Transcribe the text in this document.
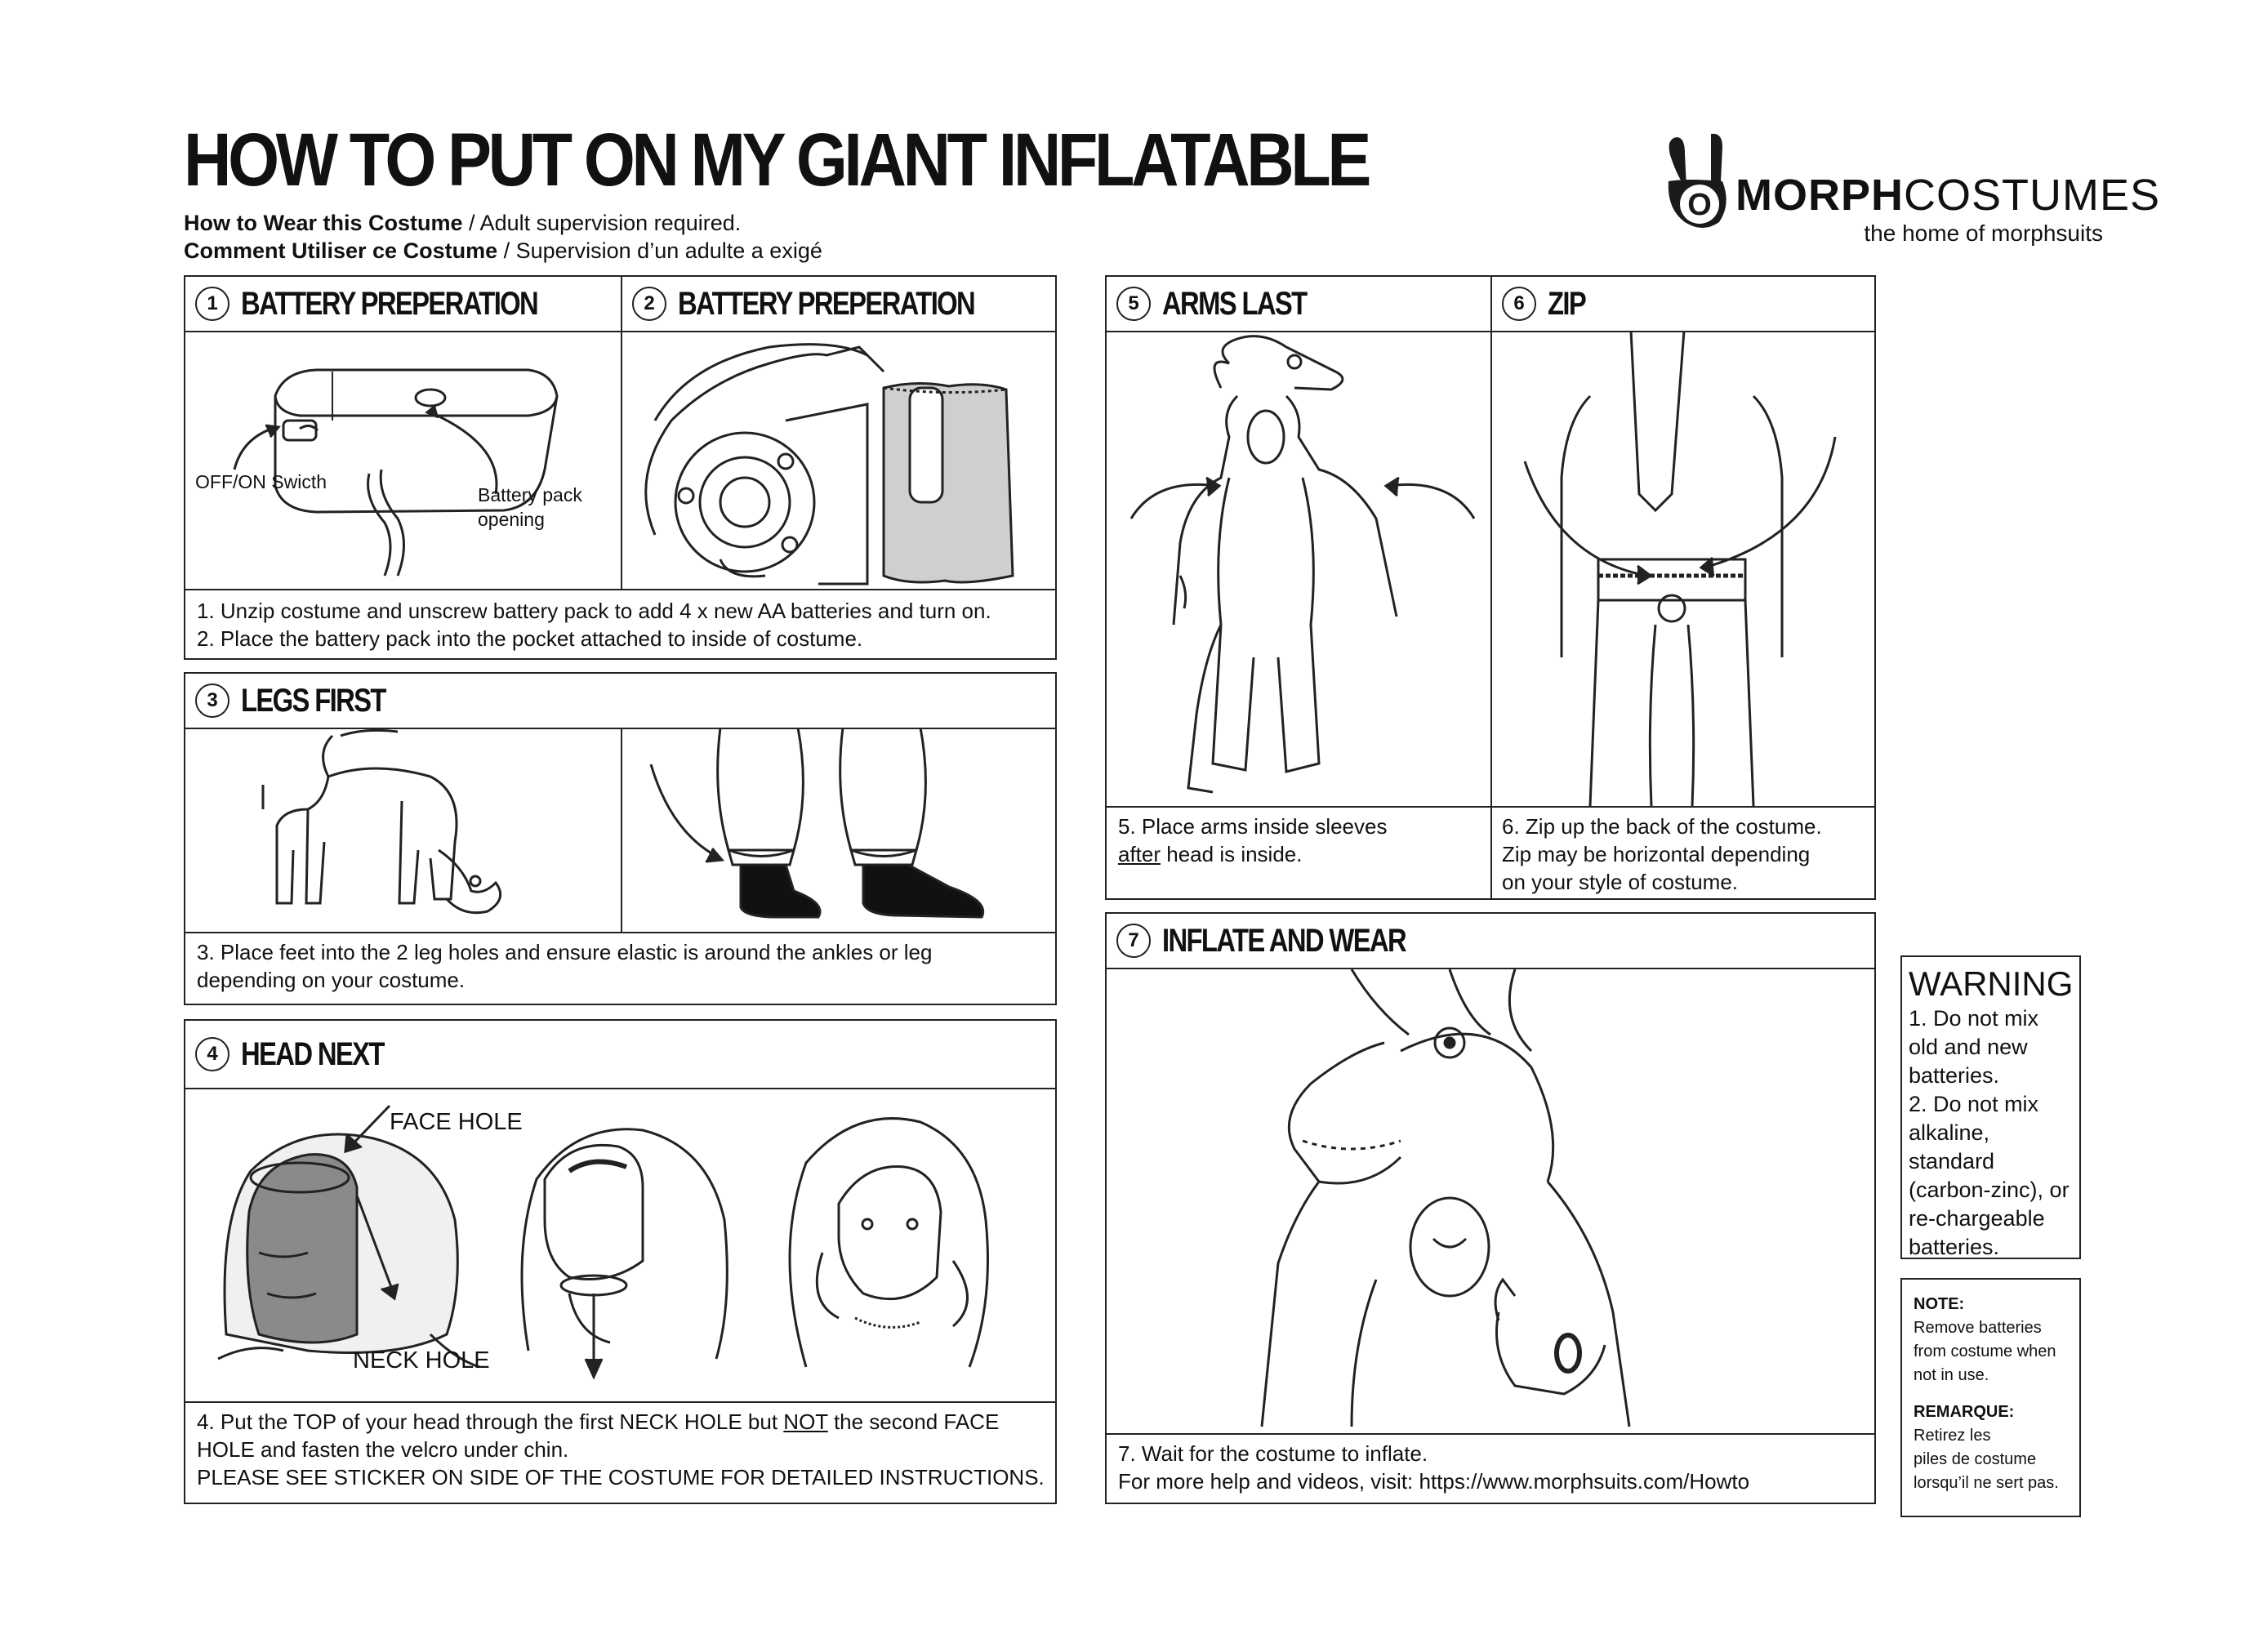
HOW TO PUT ON MY GIANT INFLATABLE
How to Wear this Costume / Adult supervision required.
Comment Utiliser ce Costume / Supervision d’un adulte a exigé
O MORPHCOSTUMES
the home of morphsuits
1 BATTERY PREPERATION	2 BATTERY PREPERATION
OFF/ON Swicth
Battery pack
opening

1. Unzip costume and unscrew battery pack to add 4 x new AA batteries and turn on.

2. Place the battery pack into the pocket attached to inside of costume.

3 LEGS FIRST

3. Place feet into the 2 leg holes and ensure elastic is around the ankles or leg

depending on your costume.

4 HEAD NEXT
FACE HOLE
NECK HOLE

4. Put the TOP of your head through the first NECK HOLE but NOT the second FACE

HOLE and fasten the velcro under chin.

PLEASE SEE STICKER ON SIDE OF THE COSTUME FOR DETAILED INSTRUCTIONS.

5 ARMS LAST	6 ZIP

5. Place arms inside sleeves

after head is inside.

6. Zip up the back of the costume.

Zip may be horizontal depending

on your style of costume.

7 INFLATE AND WEAR

7. Wait for the costume to inflate.

For more help and videos, visit: https://www.morphsuits.com/Howto

WARNING
1. Do not mix
old and new
batteries.
2. Do not mix
alkaline,
standard
(carbon-zinc), or
re-chargeable
batteries.
NOTE:
Remove batteries
from costume when
not in use.
REMARQUE:
Retirez les
piles de costume
lorsqu’il ne sert pas.
